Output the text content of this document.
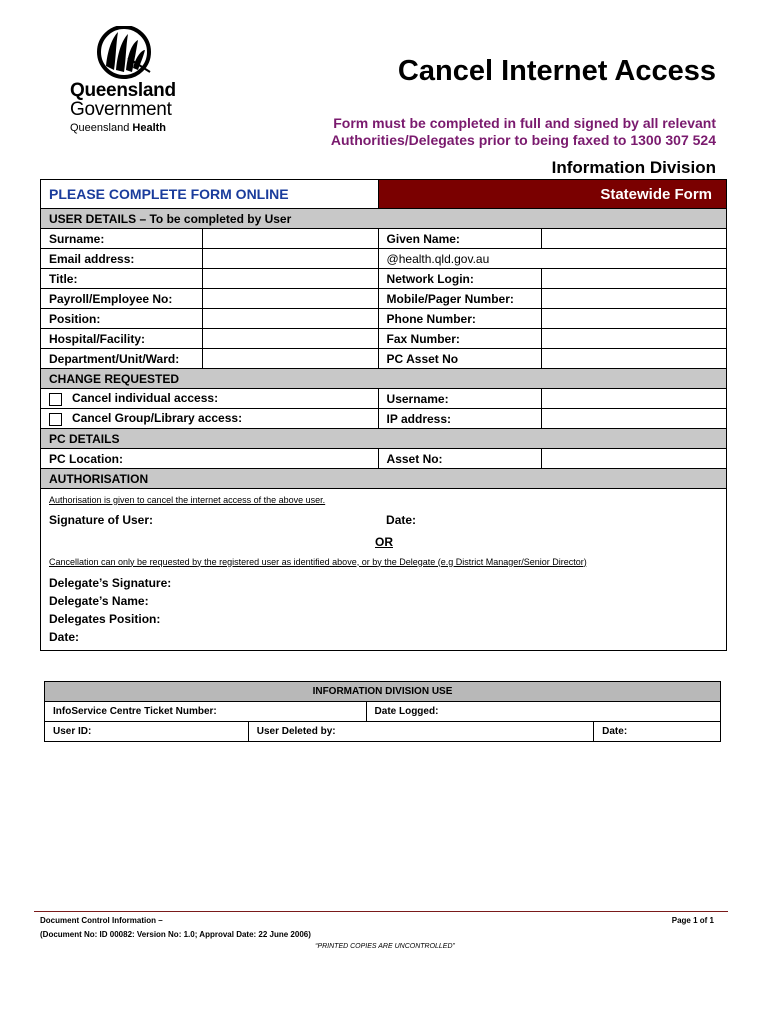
Queensland
Government
Queensland Health
Cancel Internet Access
Form must be completed in full and signed by all relevant Authorities/Delegates prior to being faxed to 1300 307 524
Information Division
PLEASE COMPLETE FORM ONLINE		Statewide Form	
USER DETAILS – To be completed by User			
Surname:		Given Name:	
Email address:		@health.qld.gov.au	
Title:		Network Login:	
Payroll/Employee No:		Mobile/Pager Number:	
Position:		Phone Number:	
Hospital/Facility:		Fax Number:	
Department/Unit/Ward:		PC Asset No	
CHANGE REQUESTED			
Cancel individual access:		Username:	
Cancel Group/Library access:		IP address:	
PC DETAILS			
PC Location:		Asset No:	
AUTHORISATION			
Authorisation is given to cancel the internet access of the above user.			
Signature of User:		Date:	
OR			
Cancellation can only be requested by the registered user as identified above, or by the Delegate (e.g District Manager/Senior Director)			

Delegate’s Signature:
Delegate’s Name:
Delegates Position:
Date:			
INFORMATION DIVISION USE			
InfoService Centre Ticket Number:		Date Logged:	
User ID:	User Deleted by:		Date:
Document Control Information –
(Document No: ID 00082: Version No: 1.0; Approval Date: 22 June 2006)
Page 1 of 1
“PRINTED COPIES ARE UNCONTROLLED”
